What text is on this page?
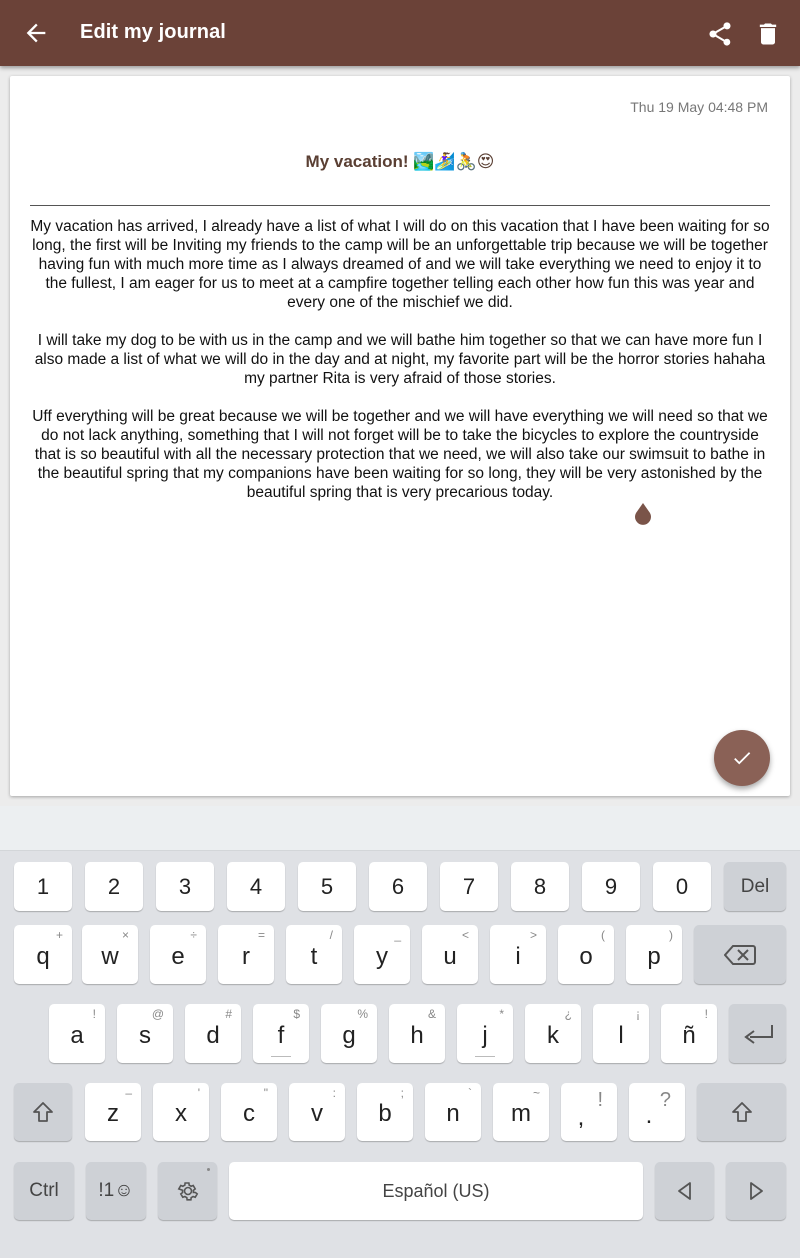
Edit my journal
Thu 19 May 04:48 PM
My vacation! 🏞️🏄‍♀️🚴😍

My vacation has arrived, I already have a list of what I will do on this vacation that I have been waiting for so long, the first will be Inviting my friends to the camp will be an unforgettable trip because we will be together having fun with much more time as I always dreamed of and we will take everything we need to enjoy it to the fullest, I am eager for us to meet at a campfire together telling each other how fun this was year and every one of the mischief we did.

I will take my dog to be with us in the camp and we will bathe him together so that we can have more fun I also made a list of what we will do in the day and at night, my favorite part will be the horror stories hahaha my partner Rita is very afraid of those stories.

Uff everything will be great because we will be together and we will have everything we will need so that we do not lack anything, something that I will not forget will be to take the bicycles to explore the countryside that is so beautiful with all the necessary protection that we need, we will also take our swimsuit to bathe in the beautiful spring that my companions have been waiting for so long, they will be very astonished by the beautiful spring that is very precarious today.

1	2	3	4	5	6	7	8	9	0	Del
+
q
×
w
÷
e
=
r
/
t
_
y
<
u
>
i
(
o
)
p
!
a
@
s
#
d
$
f
%
g
&
h
*
j
¿
k
¡
l
!
ñ
–
z
'
x
"
c
:
v
;
b
`
n
~
m	!
,
?
.
Ctrl !1☺	Español (US)
